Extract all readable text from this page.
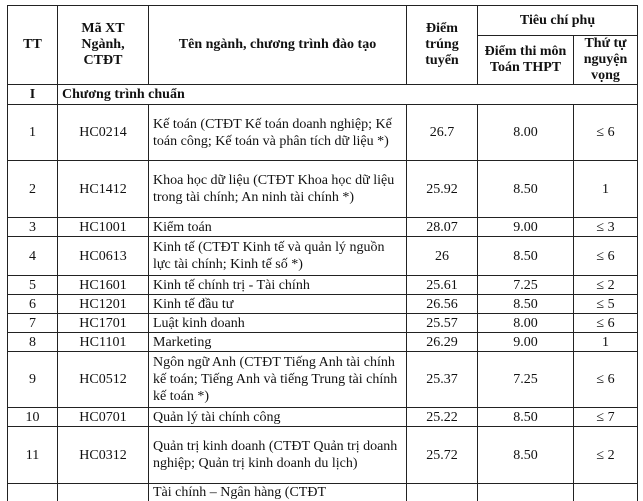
TT	Mã XT Ngành, CTĐT	Tên ngành, chương trình đào tạo	Điểm trúng tuyển	Tiêu chí phụ	
				Điểm thi môn Toán THPT	Thứ tự nguyện vọng
I	Chương trình chuẩn				
1	HC0214	Kế toán (CTĐT Kế toán doanh nghiệp; Kế toán công; Kế toán và phân tích dữ liệu *)	26.7	8.00	≤ 6
2	HC1412	Khoa học dữ liệu (CTĐT Khoa học dữ liệu trong tài chính; An ninh tài chính *)	25.92	8.50	1
3	HC1001	Kiểm toán	28.07	9.00	≤ 3
4	HC0613	Kinh tế (CTĐT Kinh tế và quản lý nguồn lực tài chính; Kinh tế số *)	26	8.50	≤ 6
5	HC1601	Kinh tế chính trị - Tài chính	25.61	7.25	≤ 2
6	HC1201	Kinh tế đầu tư	26.56	8.50	≤ 5
7	HC1701	Luật kinh doanh	25.57	8.00	≤ 6
8	HC1101	Marketing	26.29	9.00	1
9	HC0512	Ngôn ngữ Anh (CTĐT Tiếng Anh tài chính kế toán; Tiếng Anh và tiếng Trung tài chính kế toán *)	25.37	7.25	≤ 6
10	HC0701	Quản lý tài chính công	25.22	8.50	≤ 7
11	HC0312	Quản trị kinh doanh (CTĐT Quản trị doanh nghiệp; Quản trị kinh doanh du lịch)	25.72	8.50	≤ 2
		Tài chính – Ngân hàng (CTĐT			
